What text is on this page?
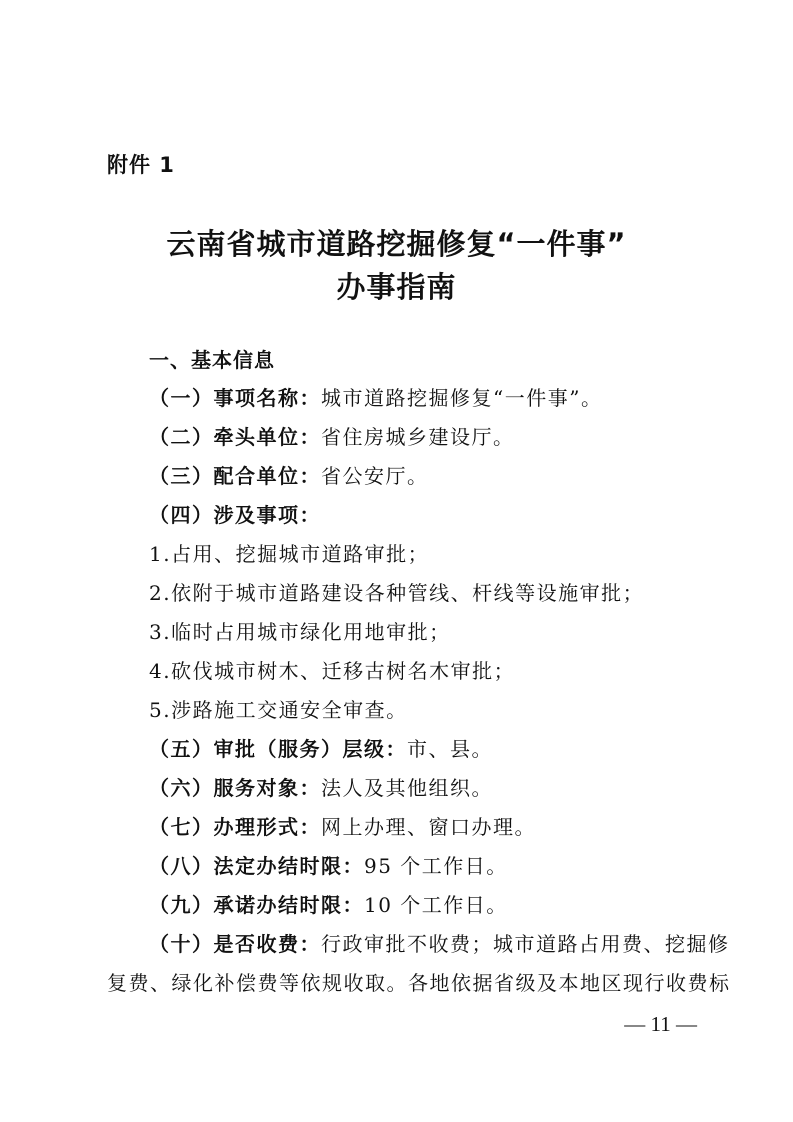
附件 1
云南省城市道路挖掘修复“一件事”
办事指南
一、基本信息
（一）事项名称：城市道路挖掘修复“一件事”。
（二）牵头单位：省住房城乡建设厅。
（三）配合单位：省公安厅。
（四）涉及事项：
1.占用、挖掘城市道路审批；
2.依附于城市道路建设各种管线、杆线等设施审批；
3.临时占用城市绿化用地审批；
4.砍伐城市树木、迁移古树名木审批；
5.涉路施工交通安全审查。
（五）审批（服务）层级：市、县。
（六）服务对象：法人及其他组织。
（七）办理形式：网上办理、窗口办理。
（八）法定办结时限：95 个工作日。
（九）承诺办结时限：10 个工作日。
（十）是否收费：行政审批不收费；城市道路占用费、挖掘修
复费、绿化补偿费等依规收取。各地依据省级及本地区现行收费标
— 11 —
